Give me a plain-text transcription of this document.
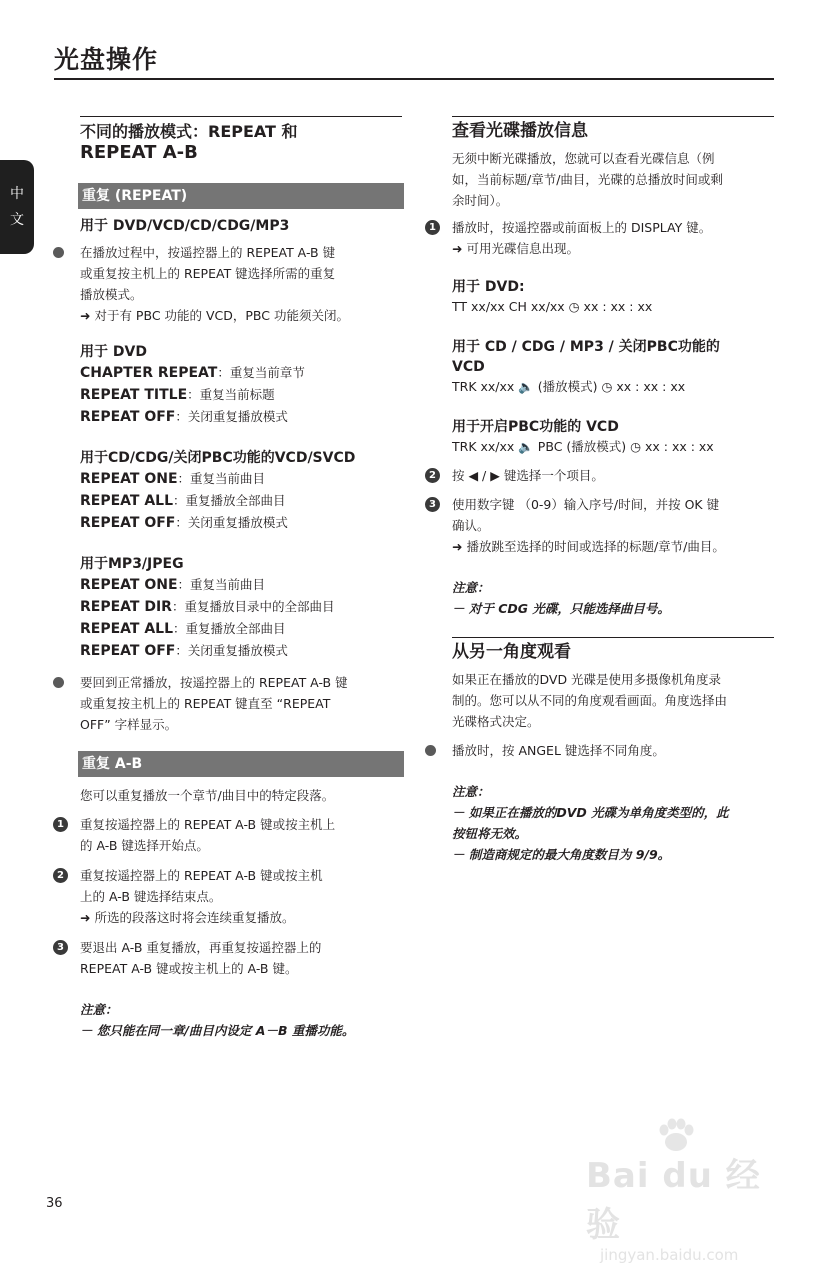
光盘操作
中
文
不同的播放模式：REPEAT 和
REPEAT A-B
重复 (REPEAT)
用于 DVD/VCD/CD/CDG/MP3
在播放过程中，按遥控器上的 REPEAT A-B 键
或重复按主机上的 REPEAT 键选择所需的重复
播放模式。
➜ 对于有 PBC 功能的 VCD，PBC 功能须关闭。
用于 DVD
CHAPTER REPEAT：重复当前章节
REPEAT TITLE：重复当前标题
REPEAT OFF：关闭重复播放模式
用于CD/CDG/关闭PBC功能的VCD/SVCD
REPEAT ONE：重复当前曲目
REPEAT ALL：重复播放全部曲目
REPEAT OFF：关闭重复播放模式
用于MP3/JPEG
REPEAT ONE：重复当前曲目
REPEAT DIR：重复播放目录中的全部曲目
REPEAT ALL：重复播放全部曲目
REPEAT OFF：关闭重复播放模式
要回到正常播放，按遥控器上的 REPEAT A-B 键
或重复按主机上的 REPEAT 键直至 “REPEAT
OFF” 字样显示。
重复 A-B
您可以重复播放一个章节/曲目中的特定段落。
1	重复按遥控器上的 REPEAT A-B 键或按主机上
的 A-B 键选择开始点。
2	重复按遥控器上的 REPEAT A-B 键或按主机
上的 A-B 键选择结束点。
➜ 所选的段落这时将会连续重复播放。
3	要退出 A-B 重复播放，再重复按遥控器上的
REPEAT A-B 键或按主机上的 A-B 键。
注意：
－ 您只能在同一章/曲目内设定 A－B 重播功能。
查看光碟播放信息
无须中断光碟播放，您就可以查看光碟信息（例
如，当前标题/章节/曲目，光碟的总播放时间或剩
余时间）。
1	播放时，按遥控器或前面板上的 DISPLAY 键。
➜ 可用光碟信息出现。
用于 DVD:
TT xx/xx CH xx/xx ◷ xx : xx : xx
用于 CD / CDG / MP3 / 关闭PBC功能的
VCD
TRK xx/xx 🔈 (播放模式) ◷ xx : xx : xx
用于开启PBC功能的 VCD
TRK xx/xx 🔈 PBC (播放模式) ◷ xx : xx : xx
2	按 ◀ / ▶ 键选择一个项目。
3	使用数字键 （0-9）输入序号/时间，并按 OK 键
确认。
➜ 播放跳至选择的时间或选择的标题/章节/曲目。
注意：
－ 对于 CDG 光碟，只能选择曲目号。
从另一角度观看
如果正在播放的DVD 光碟是使用多摄像机角度录
制的。您可以从不同的角度观看画面。角度选择由
光碟格式决定。
播放时，按 ANGEL 键选择不同角度。
注意：
－ 如果正在播放的DVD 光碟为单角度类型的，此
按钮将无效。
－ 制造商规定的最大角度数目为 9/9。
36
Bai du 经验
jingyan.baidu.com
